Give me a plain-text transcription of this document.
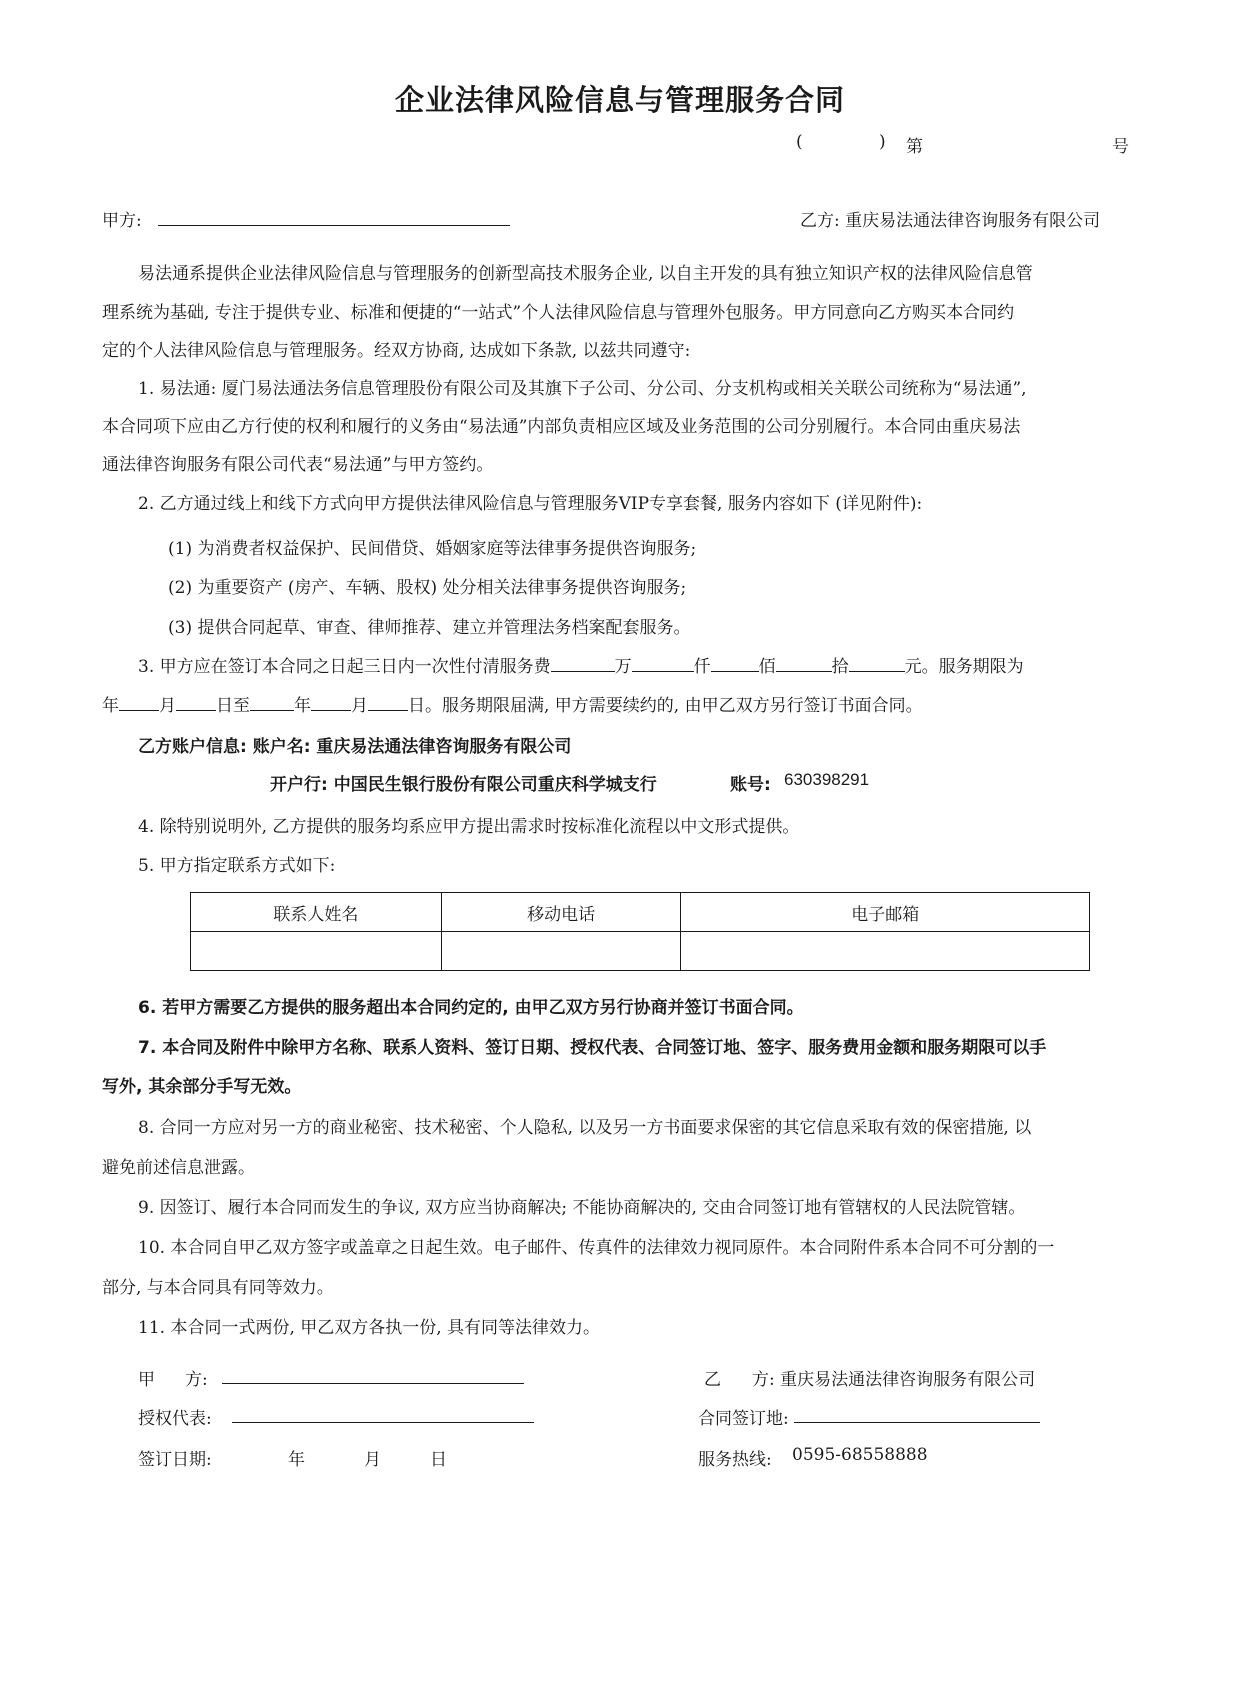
企业法律风险信息与管理服务合同
(	) 第	号
甲方:	乙方: 重庆易法通法律咨询服务有限公司
易法通系提供企业法律风险信息与管理服务的创新型高技术服务企业, 以自主开发的具有独立知识产权的法律风险信息管
理系统为基础, 专注于提供专业、标准和便捷的“一站式”个人法律风险信息与管理外包服务。甲方同意向乙方购买本合同约
定的个人法律风险信息与管理服务。经双方协商, 达成如下条款, 以兹共同遵守:
1. 易法通: 厦门易法通法务信息管理股份有限公司及其旗下子公司、分公司、分支机构或相关关联公司统称为“易法通”,
本合同项下应由乙方行使的权利和履行的义务由“易法通”内部负责相应区域及业务范围的公司分别履行。本合同由重庆易法
通法律咨询服务有限公司代表“易法通”与甲方签约。
2. 乙方通过线上和线下方式向甲方提供法律风险信息与管理服务VIP专享套餐, 服务内容如下 (详见附件):
(1) 为消费者权益保护、民间借贷、婚姻家庭等法律事务提供咨询服务;
(2) 为重要资产 (房产、车辆、股权) 处分相关法律事务提供咨询服务;
(3) 提供合同起草、审查、律师推荐、建立并管理法务档案配套服务。
3. 甲方应在签订本合同之日起三日内一次性付清服务费	万	仟	佰	拾	元。服务期限为
年 月 日至	年 月 日。服务期限届满, 甲方需要续约的, 由甲乙双方另行签订书面合同。
乙方账户信息: 账户名: 重庆易法通法律咨询服务有限公司
开户行: 中国民生银行股份有限公司重庆科学城支行	账号: 630398291
4. 除特别说明外, 乙方提供的服务均系应甲方提出需求时按标准化流程以中文形式提供。
5. 甲方指定联系方式如下:
联系人姓名	移动电话	电子邮箱

6. 若甲方需要乙方提供的服务超出本合同约定的, 由甲乙双方另行协商并签订书面合同。
7. 本合同及附件中除甲方名称、联系人资料、签订日期、授权代表、合同签订地、签字、服务费用金额和服务期限可以手
写外, 其余部分手写无效。
8. 合同一方应对另一方的商业秘密、技术秘密、个人隐私, 以及另一方书面要求保密的其它信息采取有效的保密措施, 以
避免前述信息泄露。
9. 因签订、履行本合同而发生的争议, 双方应当协商解决; 不能协商解决的, 交由合同签订地有管辖权的人民法院管辖。
10. 本合同自甲乙双方签字或盖章之日起生效。电子邮件、传真件的法律效力视同原件。本合同附件系本合同不可分割的一
部分, 与本合同具有同等效力。
11. 本合同一式两份, 甲乙双方各执一份, 具有同等法律效力。
甲 方:	乙 方: 重庆易法通法律咨询服务有限公司
授权代表:	合同签订地:
签订日期:	年	月	日	服务热线: 0595-68558888
